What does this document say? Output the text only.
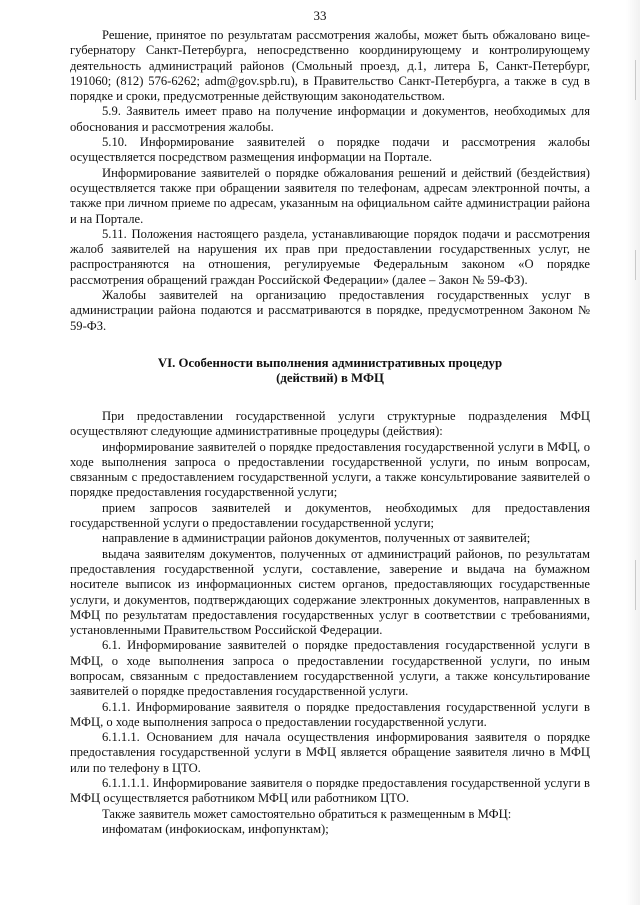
33

Решение, принятое по результатам рассмотрения жалобы, может быть обжаловано вице-губернатору Санкт-Петербурга, непосредственно координирующему и контролирующему деятельность администраций районов (Смольный проезд, д.1, литера Б, Санкт-Петербург, 191060; (812) 576-6262; adm@gov.spb.ru), в Правительство Санкт-Петербурга, а также в суд в порядке и сроки, предусмотренные действующим законодательством.

5.9. Заявитель имеет право на получение информации и документов, необходимых для обоснования и рассмотрения жалобы.

5.10. Информирование заявителей о порядке подачи и рассмотрения жалобы осуществляется посредством размещения информации на Портале.

Информирование заявителей о порядке обжалования решений и действий (бездействия) осуществляется также при обращении заявителя по телефонам, адресам электронной почты, а также при личном приеме по адресам, указанным на официальном сайте администрации района и на Портале.

5.11. Положения настоящего раздела, устанавливающие порядок подачи и рассмотрения жалоб заявителей на нарушения их прав при предоставлении государственных услуг, не распространяются на отношения, регулируемые Федеральным законом «О порядке рассмотрения обращений граждан Российской Федерации» (далее – Закон № 59-ФЗ).

Жалобы заявителей на организацию предоставления государственных услуг в администрации района подаются и рассматриваются в порядке, предусмотренном Законом № 59-ФЗ.

VI. Особенности выполнения административных процедур
(действий) в МФЦ

При предоставлении государственной услуги структурные подразделения МФЦ осуществляют следующие административные процедуры (действия):

информирование заявителей о порядке предоставления государственной услуги в МФЦ, о ходе выполнения запроса о предоставлении государственной услуги, по иным вопросам, связанным с предоставлением государственной услуги, а также консультирование заявителей о порядке предоставления государственной услуги;

прием запросов заявителей и документов, необходимых для предоставления государственной услуги о предоставлении государственной услуги;

направление в администрации районов документов, полученных от заявителей;

выдача заявителям документов, полученных от администраций районов, по результатам предоставления государственной услуги, составление, заверение и выдача на бумажном носителе выписок из информационных систем органов, предоставляющих государственные услуги, и документов, подтверждающих содержание электронных документов, направленных в МФЦ по результатам предоставления государственных услуг в соответствии с требованиями, установленными Правительством Российской Федерации.

6.1. Информирование заявителей о порядке предоставления государственной услуги в МФЦ, о ходе выполнения запроса о предоставлении государственной услуги, по иным вопросам, связанным с предоставлением государственной услуги, а также консультирование заявителей о порядке предоставления государственной услуги.

6.1.1. Информирование заявителя о порядке предоставления государственной услуги в МФЦ, о ходе выполнения запроса о предоставлении государственной услуги.

6.1.1.1. Основанием для начала осуществления информирования заявителя о порядке предоставления государственной услуги в МФЦ является обращение заявителя лично в МФЦ или по телефону в ЦТО.

6.1.1.1.1. Информирование заявителя о порядке предоставления государственной услуги в МФЦ осуществляется работником МФЦ или работником ЦТО.

Также заявитель может самостоятельно обратиться к размещенным в МФЦ:

инфоматам (инфокиоскам, инфопунктам);
